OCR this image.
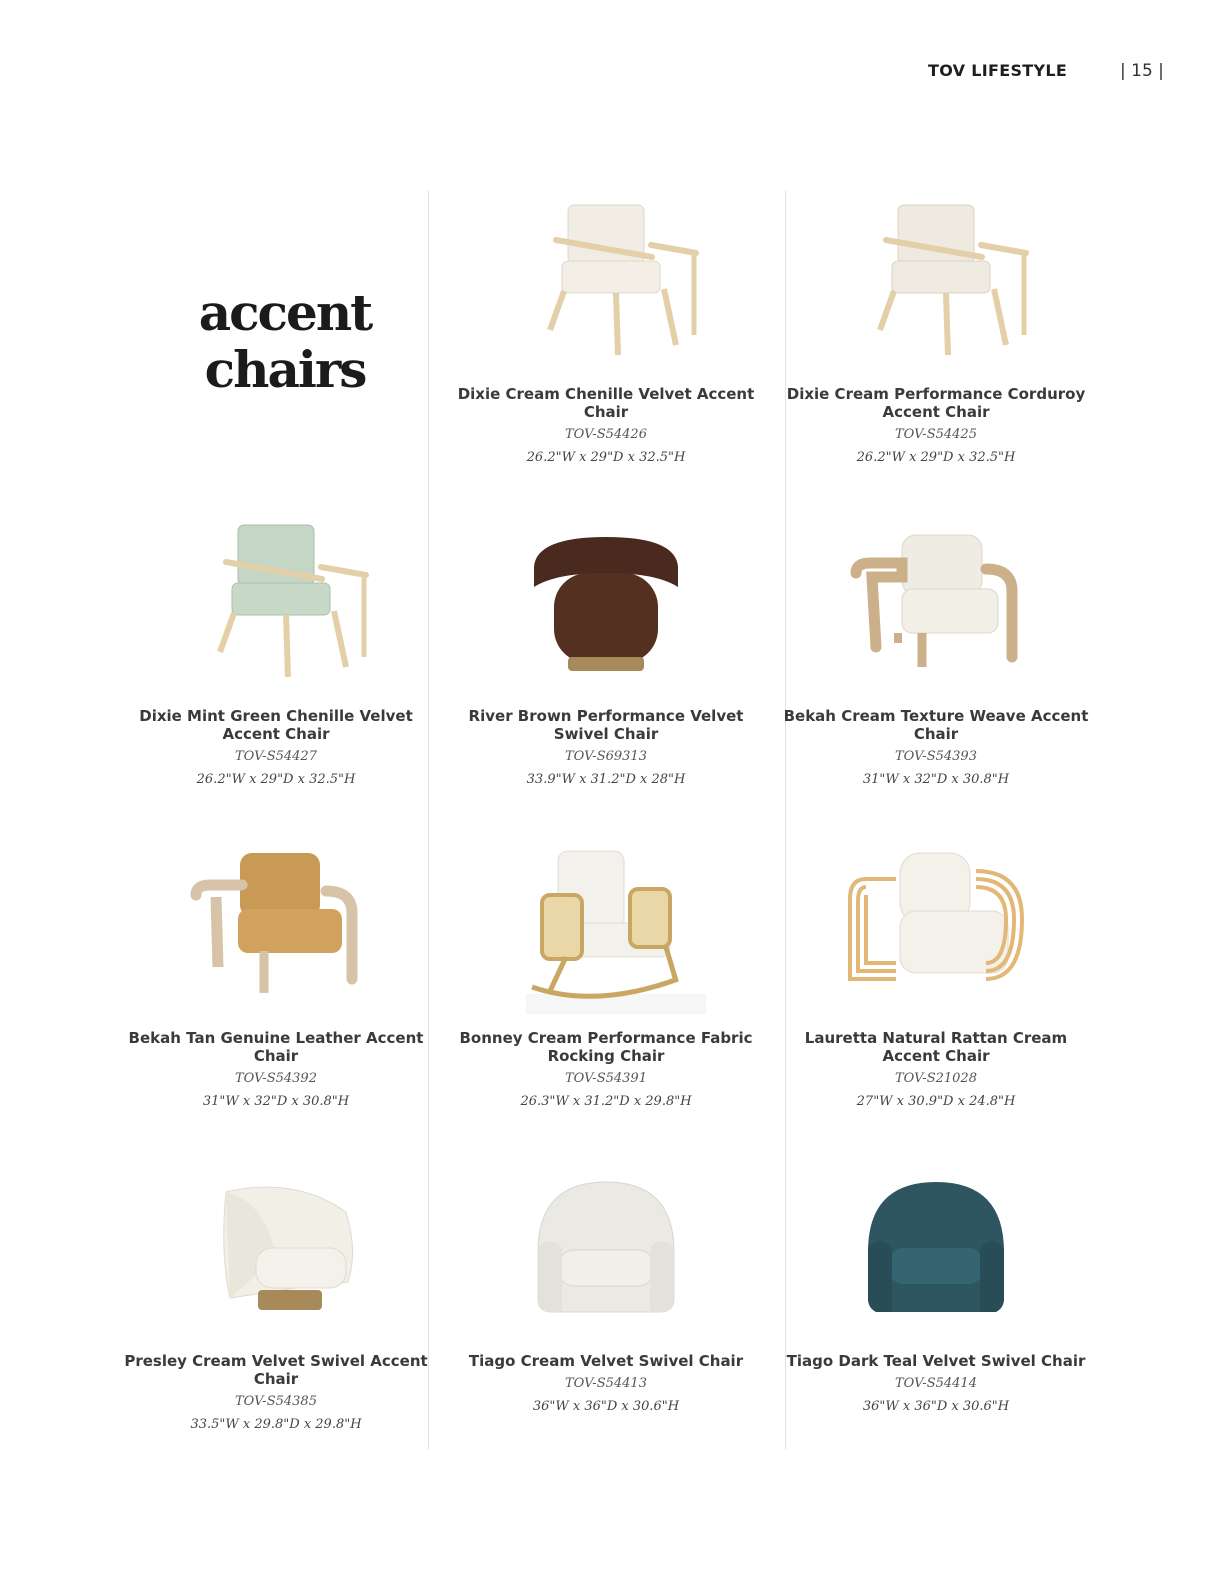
TOV LIFESTYLE	| 15 |
accent
chairs	Dixie Cream Chenille Velvet Accent Chair
TOV-S54426
26.2"W x 29"D x 32.5"H
Dixie Cream Performance Corduroy Accent Chair
TOV-S54425
26.2"W x 29"D x 32.5"H
Dixie Mint Green Chenille Velvet Accent Chair
TOV-S54427
26.2"W x 29"D x 32.5"H
River Brown Performance Velvet Swivel Chair
TOV-S69313
33.9"W x 31.2"D x 28"H
Bekah Cream Texture Weave Accent Chair
TOV-S54393
31"W x 32"D x 30.8"H
Bekah Tan Genuine Leather Accent Chair
TOV-S54392
31"W x 32"D x 30.8"H
Bonney Cream Performance Fabric Rocking Chair
TOV-S54391
26.3"W x 31.2"D x 29.8"H
Lauretta Natural Rattan Cream Accent Chair
TOV-S21028
27"W x 30.9"D x 24.8"H
Presley Cream Velvet Swivel Accent Chair
TOV-S54385
33.5"W x 29.8"D x 29.8"H
Tiago Cream Velvet Swivel Chair
TOV-S54413
36"W x 36"D x 30.6"H
Tiago Dark Teal Velvet Swivel Chair
TOV-S54414
36"W x 36"D x 30.6"H
